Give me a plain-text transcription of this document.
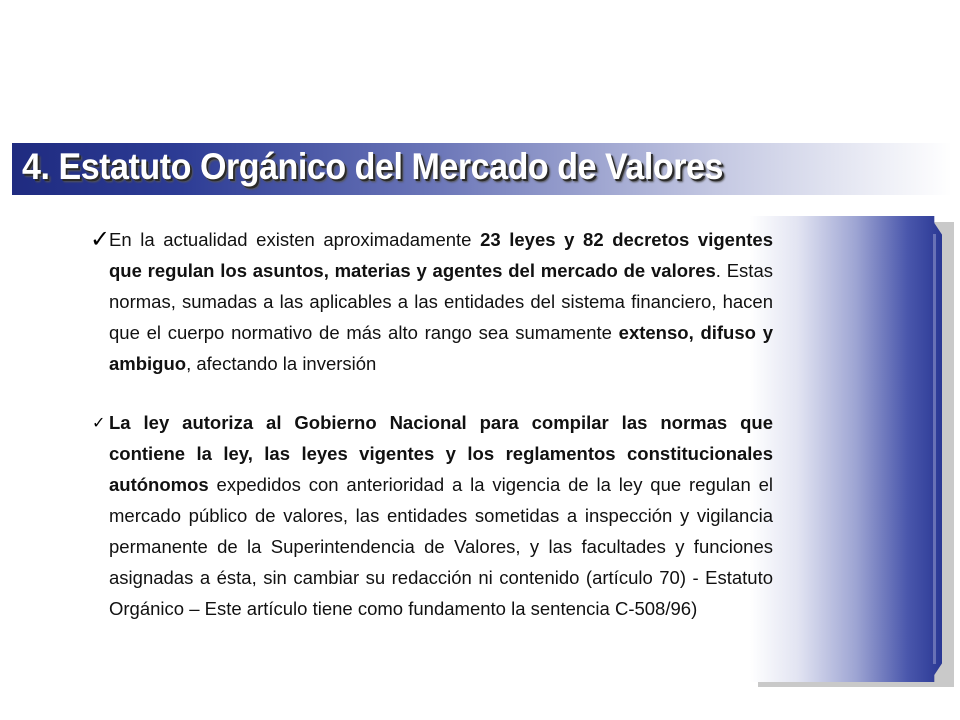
4. Estatuto Orgánico del Mercado de Valores
✓
En la actualidad existen aproximadamente 23 leyes y 82 decretos vigentes que regulan los asuntos, materias y agentes del mercado de valores. Estas normas, sumadas a las aplicables a las entidades del sistema financiero, hacen que el cuerpo normativo de más alto rango sea sumamente extenso, difuso y ambiguo, afectando la inversión
✓ La ley autoriza al Gobierno Nacional para compilar las normas que contiene la ley, las leyes vigentes y los reglamentos constitucionales autónomos expedidos con anterioridad a la vigencia de la ley que regulan el mercado público de valores, las entidades sometidas a inspección y vigilancia permanente de la Superintendencia de Valores, y las facultades y funciones asignadas a ésta, sin cambiar su redacción ni contenido (artículo 70) - Estatuto Orgánico – Este artículo tiene como fundamento la sentencia C-508/96)
